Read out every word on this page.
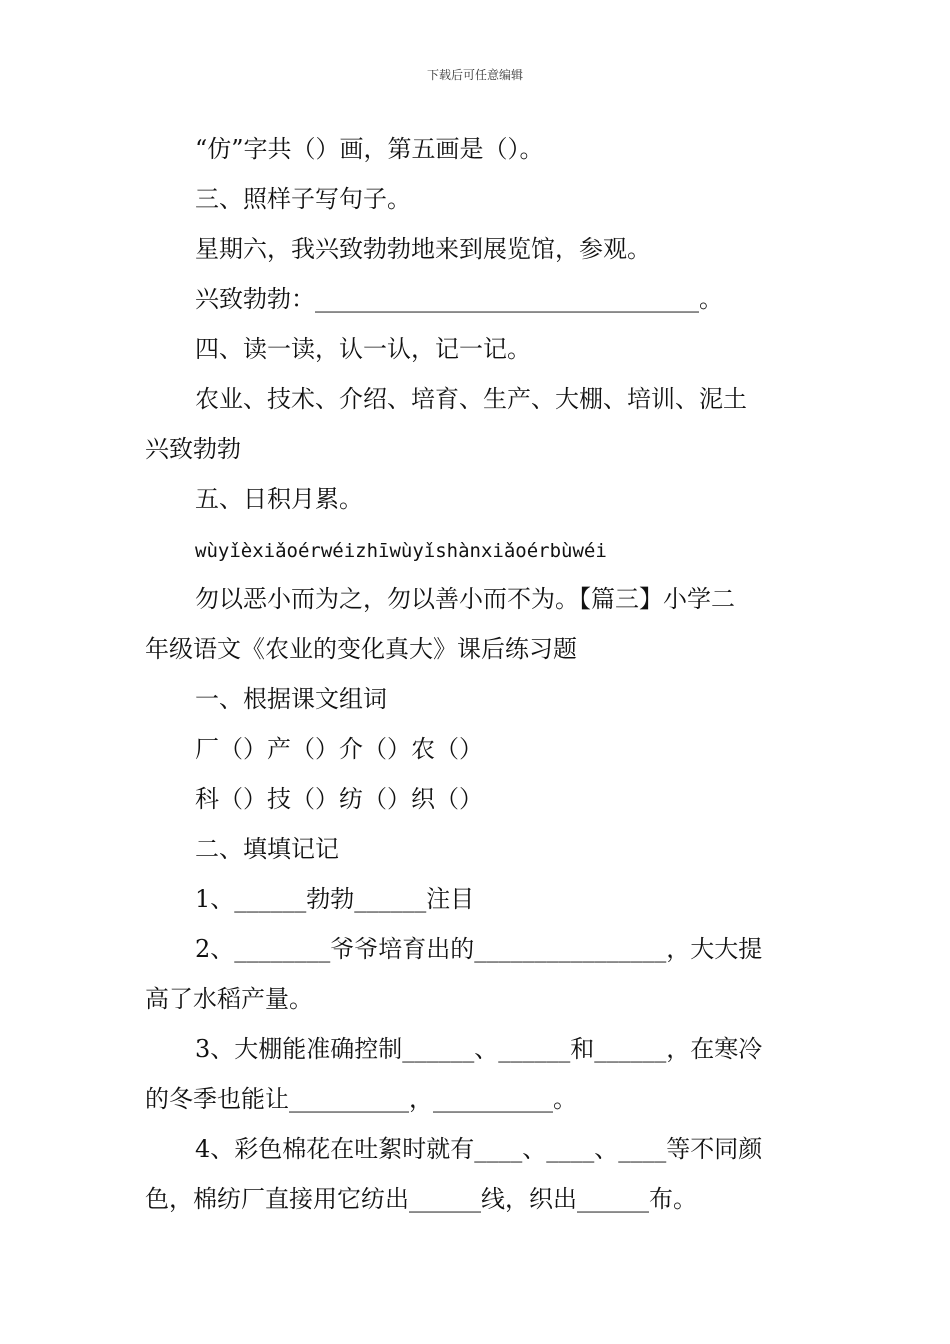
下载后可任意编辑
“仿”字共（）画，第五画是（）。
三、照样子写句子。
星期六，我兴致勃勃地来到展览馆，参观。
兴致勃勃：________________________________。
四、读一读，认一认，记一记。
农业、技术、介绍、培育、生产、大棚、培训、泥土
兴致勃勃
五、日积月累。
wùyǐèxiǎoérwéizhīwùyǐshànxiǎoérbùwéi
勿以恶小而为之，勿以善小而不为。【篇三】小学二
年级语文《农业的变化真大》课后练习题
一、根据课文组词
厂（）产（）介（）农（）
科（）技（）纺（）织（）
二、填填记记
1、______勃勃______注目
2、________爷爷培育出的________________，大大提
高了水稻产量。
3、大棚能准确控制______、______和______，在寒冷
的冬季也能让__________，__________。
4、彩色棉花在吐絮时就有____、____、____等不同颜
色，棉纺厂直接用它纺出______线，织出______布。
